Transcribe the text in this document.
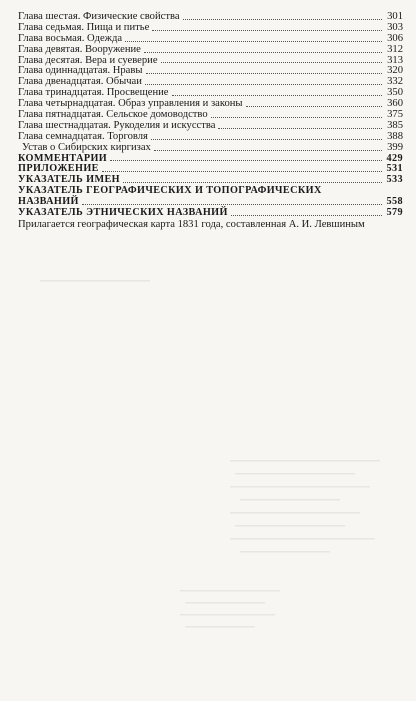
Глава шестая. Физические свойства	301
Глава седьмая. Пища и питье	303
Глава восьмая. Одежда	306
Глава девятая. Вооружение	312
Глава десятая. Вера и суеверие	313
Глава одиннадцатая. Нравы	320
Глава двенадцатая. Обычаи	332
Глава тринадцатая. Просвещение	350
Глава четырнадцатая. Образ управления и законы	360
Глава пятнадцатая. Сельское домоводство	375
Глава шестнадцатая. Рукоделия и искусства	385
Глава семнадцатая. Торговля	388
Устав о Сибирских киргизах	399
КОММЕНТАРИИ	429
ПРИЛОЖЕНИЕ	531
УКАЗАТЕЛЬ ИМЕН	533
УКАЗАТЕЛЬ ГЕОГРАФИЧЕСКИХ И ТОПОГРАФИЧЕСКИХ
НАЗВАНИЙ	558
УКАЗАТЕЛЬ ЭТНИЧЕСКИХ НАЗВАНИЙ	579
Прилагается географическая карта 1831 года, составленная А. И. Левшиным
